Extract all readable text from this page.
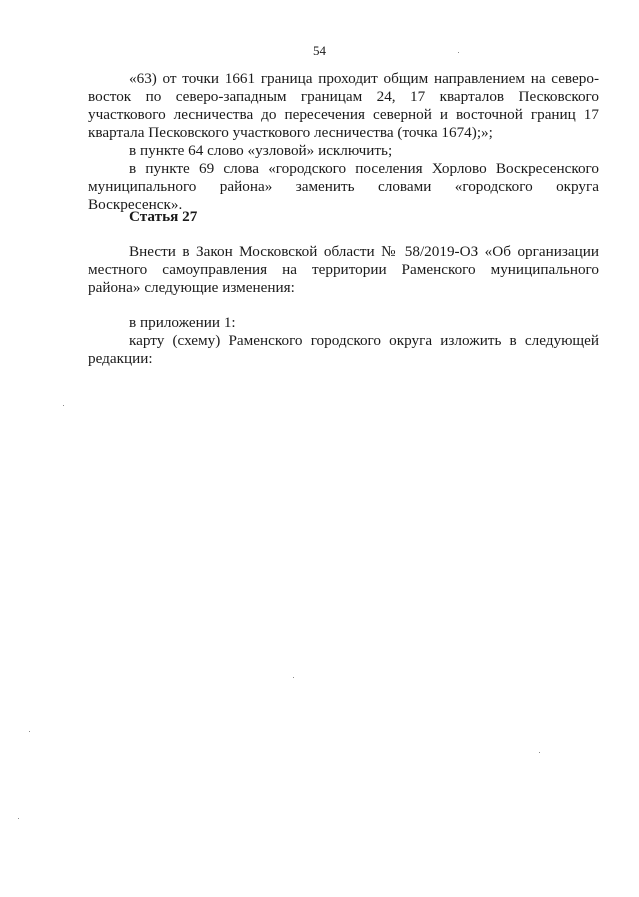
54

«63) от точки 1661 граница проходит общим направлением на северо-восток по северо-западным границам 24, 17 кварталов Песковского участкового лесничества до пересечения северной и восточной границ 17 квартала Песковского участкового лесничества (точка 1674);»;

в пункте 64 слово «узловой» исключить;

в пункте 69 слова «городского поселения Хорлово Воскресенского муниципального района» заменить словами «городского округа Воскресенск».

Статья 27

Внести в Закон Московской области № 58/2019-ОЗ «Об организации местного самоуправления на территории Раменского муниципального района» следующие изменения:

в приложении 1:

карту (схему) Раменского городского округа изложить в следующей редакции:
